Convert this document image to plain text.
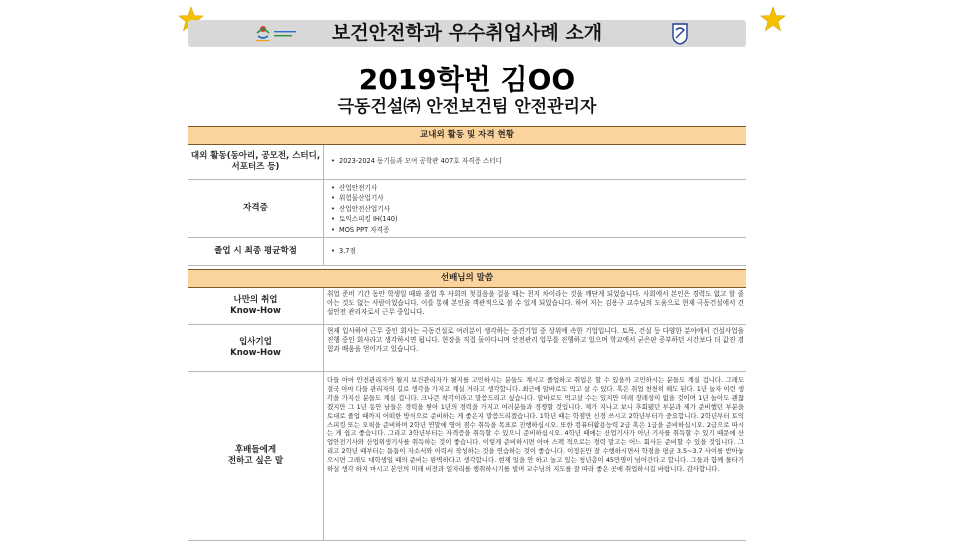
보건안전학과 우수취업사례 소개
2019학번 김OO
극동건설㈜ 안전보건팀 안전관리자
교내외 활동 및 자격 현황
대외 활동(동아리, 공모전, 스터디, 서포터즈 등)
• 2023-2024 동기들과 모여 공학관 407호 자격증 스터디
자격증
• 산업안전기사
• 위험물산업기사
• 산업안전산업기사
• 토익스피킹 IH(140)
• MOS PPT 자격증
졸업 시 최종 평균학점
•	3.7점
선배님의 말씀
나만의 취업
Know-How
취업 준비 기간 동안 학생일 때와 졸업 후 사회의 첫걸음을 걸을 때는 천지 차이라는 것을 깨닫게 되었습니다. 사회에서 본인은 경력도 없고 할 줄 아는 것도 없는 사람이었습니다. 이를 통해 본인을 객관적으로 볼 수 있게 되었습니다. 하여 저는 김용구 교수님의 도움으로 현재 극동건설에서 건설안전 관리자로서 근무 중입니다.
입사기업
Know-How
현재 입사하여 근무 중인 회사는 극동건설로 여러분이 생각하는 중견기업 중 상위에 속한 기업입니다. 토목, 건설 등 다양한 분야에서 건설사업을 진행 중인 회사라고 생각하시면 됩니다. 현장을 직접 돌아다니며 안전관리 업무를 진행하고 있으며 학교에서 굳은판 공부하던 시간보다 더 값진 경험과 배움을 얻어가고 있습니다.
후배들에게
전하고 싶은 말
다들 아마 안전관리자가 될지 보건관리자가 될지를 고민하시는 분들도 계시고 졸업하고 취업은 할 수 있을까 고민하시는 분들도 계실 겁니다. 그래도 결국 아마 다들 관리자의 길로 생각을 가지고 계실 거라고 생각합니다. 최근에 알바로도 먹고 살 수 있다. 혹은 취업 천천히 해도 된다. 1년 놀자 이런 생각을 가지신 분들도 계실 겁니다. 크나큰 착각이라고 말씀드리고 싶습니다. 알바로도 먹고살 수는 있지만 미래 장래성이 없을 것이며 1년 놀아도 괜찮겠지만 그 1년 동안 남들은 경력을 쌓아 1년의 경력을 가지고 여러분들과 경쟁할 것입니다. 제가 지나고 보니 후회됐던 부분과 제가 준비했던 부분을 토대로 졸업 때까지 어떠한 방식으로 준비하는 게 좋은지 말씀드리겠습니다. 1학년 때는 학점만 신경 쓰시고 2학년부터가 중요합니다. 2학년부터 토익스피킹 또는 오픽을 준비하며 2학년 연말에 영어 점수 취득을 목표로 진행하십시오. 또한 컴퓨터활용능력 2급 혹은 1급을 준비하십시오. 2급으로 따시는 게 쉽고 좋습니다. 그리고 3학년부터는 자격증을 취득할 수 있으니 준비하십시오. 4학년 때에는 산업기사가 아닌 기사를 취득할 수 있기 때문에 산업안전기사와 산업위생기사를 취득하는 것이 좋습니다. 이렇게 준비하시면 아마 스펙 적으로는 경력 말고는 어느 회사든 준비할 수 있을 것입니다. 그리고 2학년 때부터는 틈틈이 자소서와 이력서 작성하는 것을 연습하는 것이 좋습니다. 이정돈만 잘 수행하시면서 학점을 평균 3.5~3.7 사이를 받아놓으시면 그래도 대학생일 때의 준비는 완벽하다고 생각합니다. 현재 일을 안 하고 놀고 있는 청년층이 45만명이 넘어간다고 합니다. 그들과 함께 물타기 하실 생각 하지 마시고 본인의 미래 비전과 일자리를 챙취하시기를 빌며 교수님의 지도를 잘 따라 좋은 곳에 취업하시길 바랍니다. 감사합니다.
